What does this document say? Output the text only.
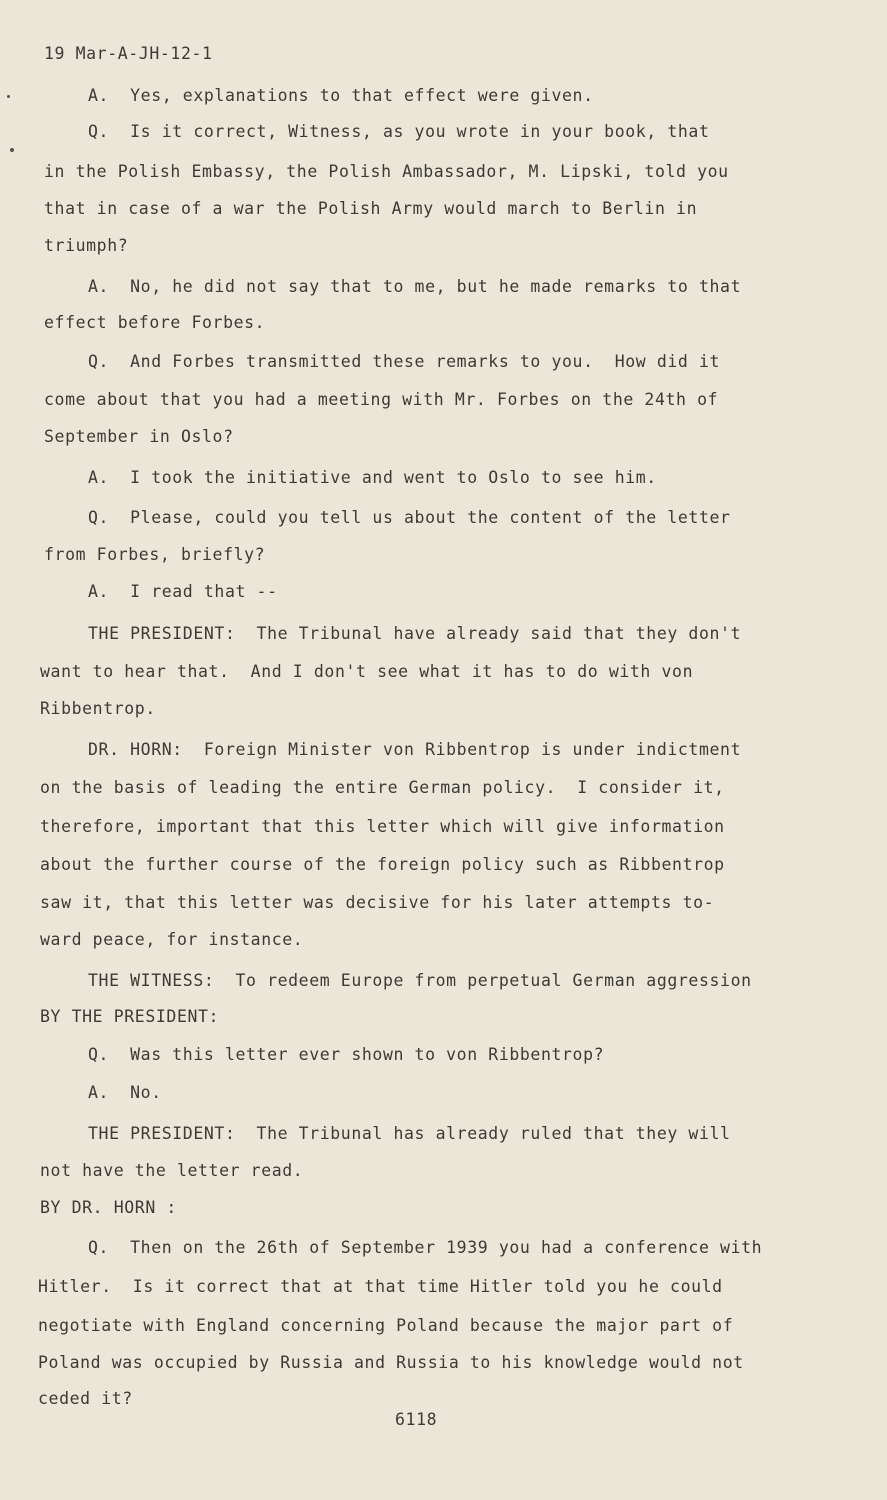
19 Mar-A-JH-12-1
A.  Yes, explanations to that effect were given.
Q.  Is it correct, Witness, as you wrote in your book, that
in the Polish Embassy, the Polish Ambassador, M. Lipski, told you
that in case of a war the Polish Army would march to Berlin in
triumph?
A.  No, he did not say that to me, but he made remarks to that
effect before Forbes.
Q.  And Forbes transmitted these remarks to you.  How did it
come about that you had a meeting with Mr. Forbes on the 24th of
September in Oslo?
A.  I took the initiative and went to Oslo to see him.
Q.  Please, could you tell us about the content of the letter
from Forbes, briefly?
A.  I read that --
THE PRESIDENT:  The Tribunal have already said that they don't
want to hear that.  And I don't see what it has to do with von
Ribbentrop.
DR. HORN:  Foreign Minister von Ribbentrop is under indictment
on the basis of leading the entire German policy.  I consider it,
therefore, important that this letter which will give information
about the further course of the foreign policy such as Ribbentrop
saw it, that this letter was decisive for his later attempts to-
ward peace, for instance.
THE WITNESS:  To redeem Europe from perpetual German aggression
BY THE PRESIDENT:
Q.  Was this letter ever shown to von Ribbentrop?
A.  No.
THE PRESIDENT:  The Tribunal has already ruled that they will
not have the letter read.
BY DR. HORN :
Q.  Then on the 26th of September 1939 you had a conference with
Hitler.  Is it correct that at that time Hitler told you he could
negotiate with England concerning Poland because the major part of
Poland was occupied by Russia and Russia to his knowledge would not
ceded it?
6118
